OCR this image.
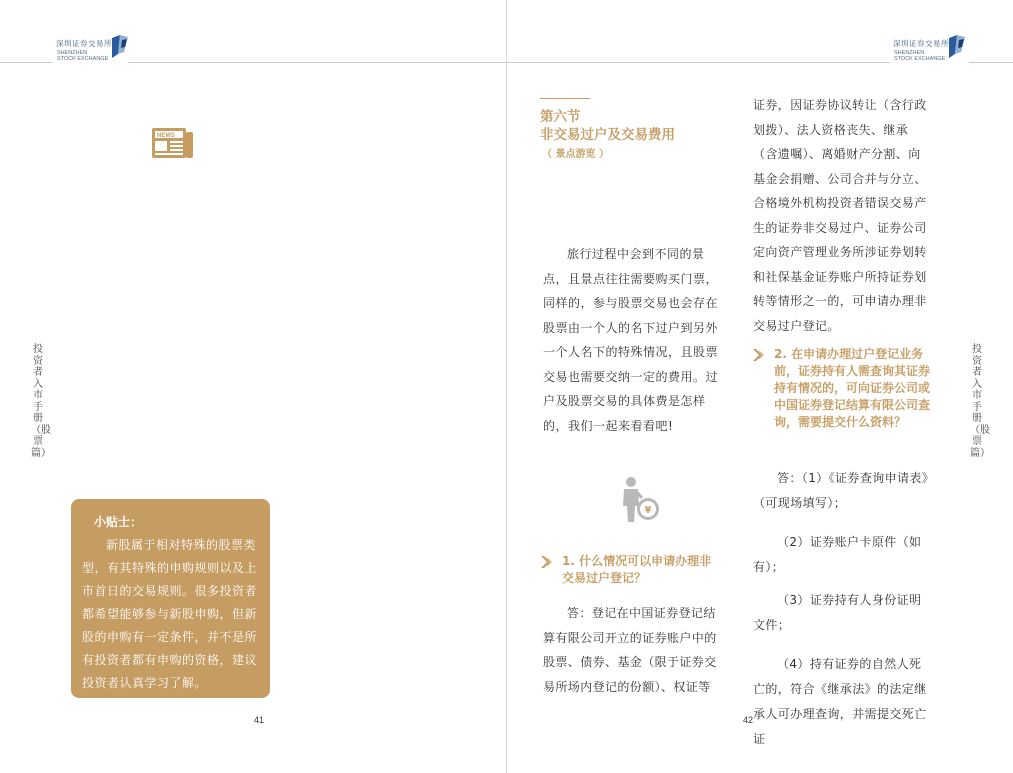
深圳证券交易所
SHENZHEN
STOCK EXCHANGE
投资者入市手册（股票篇）
NEWS
小贴士：
新股属于相对特殊的股票类型，有其特殊的申购规则以及上市首日的交易规则。很多投资者都希望能够参与新股申购，但新股的申购有一定条件，并不是所有投资者都有申购的资格，建议投资者认真学习了解。
41
深圳证券交易所
SHENZHEN
STOCK EXCHANGE
投资者入市手册（股票篇）
第六节
非交易过户及交易费用
（ 景点游览 ）
旅行过程中会到不同的景点，且景点往往需要购买门票，同样的，参与股票交易也会存在股票由一个人的名下过户到另外一个人名下的特殊情况，且股票交易也需要交纳一定的费用。过户及股票交易的具体费是怎样的，我们一起来看看吧!
¥
1. 什么情况可以申请办理非交易过户登记？
答：登记在中国证券登记结算有限公司开立的证券账户中的股票、债券、基金（限于证券交易所场内登记的份额）、权证等
证券，因证券协议转让（含行政划拨）、法人资格丧失、继承（含遗嘱）、离婚财产分割、向基金会捐赠、公司合并与分立、合格境外机构投资者错误交易产生的证券非交易过户、证券公司定向资产管理业务所涉证券划转和社保基金证券账户所持证券划转等情形之一的，可申请办理非交易过户登记。
2. 在申请办理过户登记业务前，证券持有人需查询其证券持有情况的，可向证券公司或中国证券登记结算有限公司查询，需要提交什么资料？
答：（1）《证券查询申请表》（可现场填写）；
（2）证券账户卡原件（如有）；
（3）证券持有人身份证明文件；
（4）持有证券的自然人死亡的，符合《继承法》的法定继承人可办理查询，并需提交死亡证
42
